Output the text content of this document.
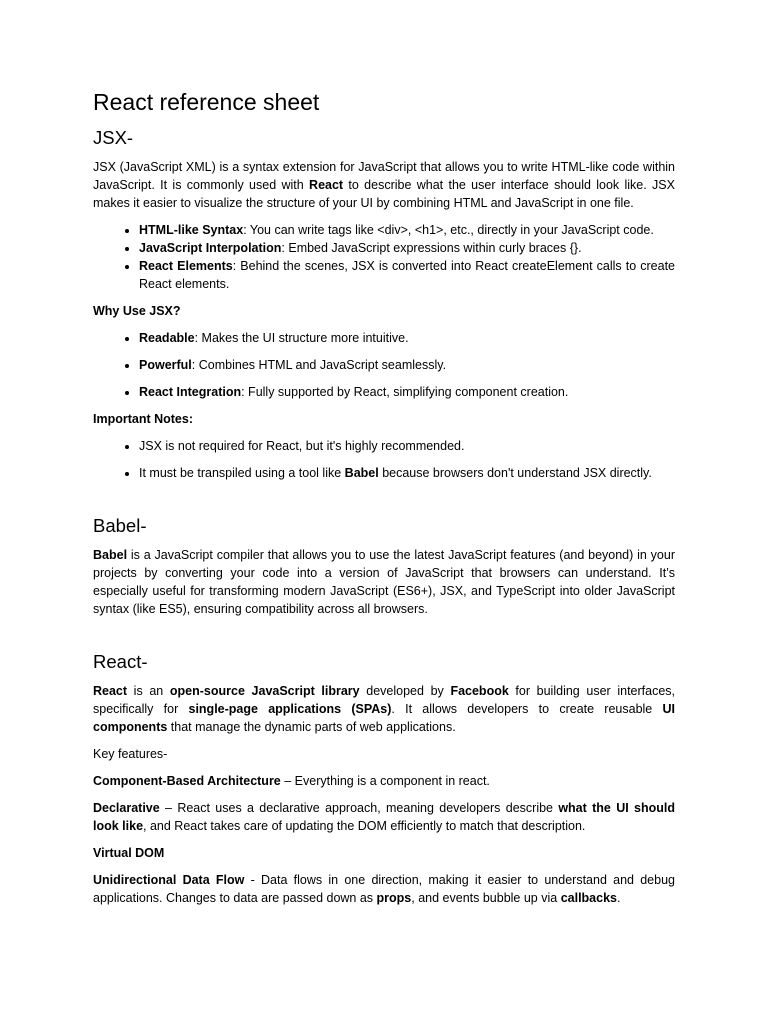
React reference sheet
JSX-

JSX (JavaScript XML) is a syntax extension for JavaScript that allows you to write HTML-like code within JavaScript. It is commonly used with React to describe what the user interface should look like. JSX makes it easier to visualize the structure of your UI by combining HTML and JavaScript in one file.

• HTML-like Syntax: You can write tags like <div>, <h1>, etc., directly in your JavaScript code.
• JavaScript Interpolation: Embed JavaScript expressions within curly braces {}.
• React Elements: Behind the scenes, JSX is converted into React createElement calls to create React elements.

Why Use JSX?

• Readable: Makes the UI structure more intuitive.
• Powerful: Combines HTML and JavaScript seamlessly.
• React Integration: Fully supported by React, simplifying component creation.

Important Notes:

• JSX is not required for React, but it's highly recommended.
• It must be transpiled using a tool like Babel because browsers don't understand JSX directly.
Babel-

Babel is a JavaScript compiler that allows you to use the latest JavaScript features (and beyond) in your projects by converting your code into a version of JavaScript that browsers can understand. It’s especially useful for transforming modern JavaScript (ES6+), JSX, and TypeScript into older JavaScript syntax (like ES5), ensuring compatibility across all browsers.

React-

React is an open-source JavaScript library developed by Facebook for building user interfaces, specifically for single-page applications (SPAs). It allows developers to create reusable UI components that manage the dynamic parts of web applications.

Key features-

Component-Based Architecture – Everything is a component in react.

Declarative – React uses a declarative approach, meaning developers describe what the UI should look like, and React takes care of updating the DOM efficiently to match that description.

Virtual DOM

Unidirectional Data Flow - Data flows in one direction, making it easier to understand and debug applications. Changes to data are passed down as props, and events bubble up via callbacks.
